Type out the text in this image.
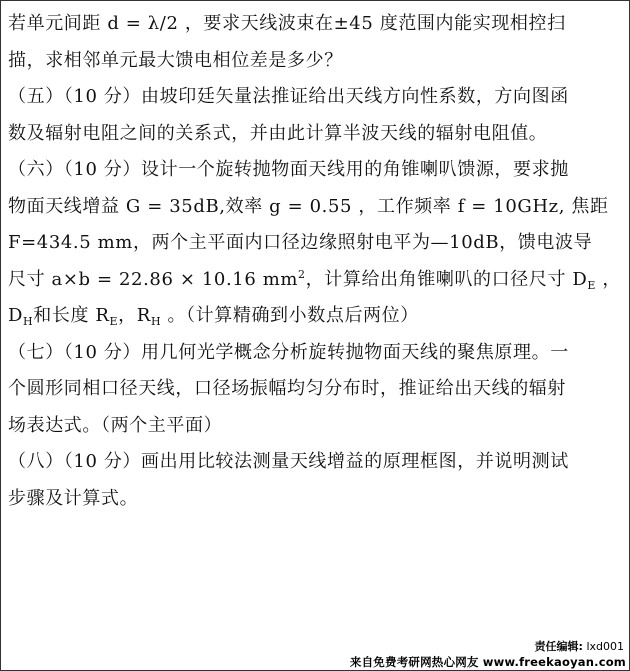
若单元间距 d = λ/2 ，要求天线波束在±45 度范围内能实现相控扫
描，求相邻单元最大馈电相位差是多少？
（五）（10 分）由坡印廷矢量法推证给出天线方向性系数，方向图函
数及辐射电阻之间的关系式，并由此计算半波天线的辐射电阻值。
（六）（10 分）设计一个旋转抛物面天线用的角锥喇叭馈源，要求抛
物面天线增益 G = 35dB,效率 g = 0.55 ，工作频率 f = 10GHz, 焦距
F=434.5 mm，两个主平面内口径边缘照射电平为—10dB，馈电波导
尺寸 a×b = 22.86 × 10.16 $mm^2$，计算给出角锥喇叭的口径尺寸 $D_E$ ，
$D_H$和长度 $R_E$，$R_H$ 。（计算精确到小数点后两位）
（七）（10 分）用几何光学概念分析旋转抛物面天线的聚焦原理。一
个圆形同相口径天线，口径场振幅均匀分布时，推证给出天线的辐射
场表达式。（两个主平面）
（八）（10 分）画出用比较法测量天线增益的原理框图，并说明测试
步骤及计算式。
责任编辑: lxd001
来自免费考研网热心网友 www.freekaoyan.com
